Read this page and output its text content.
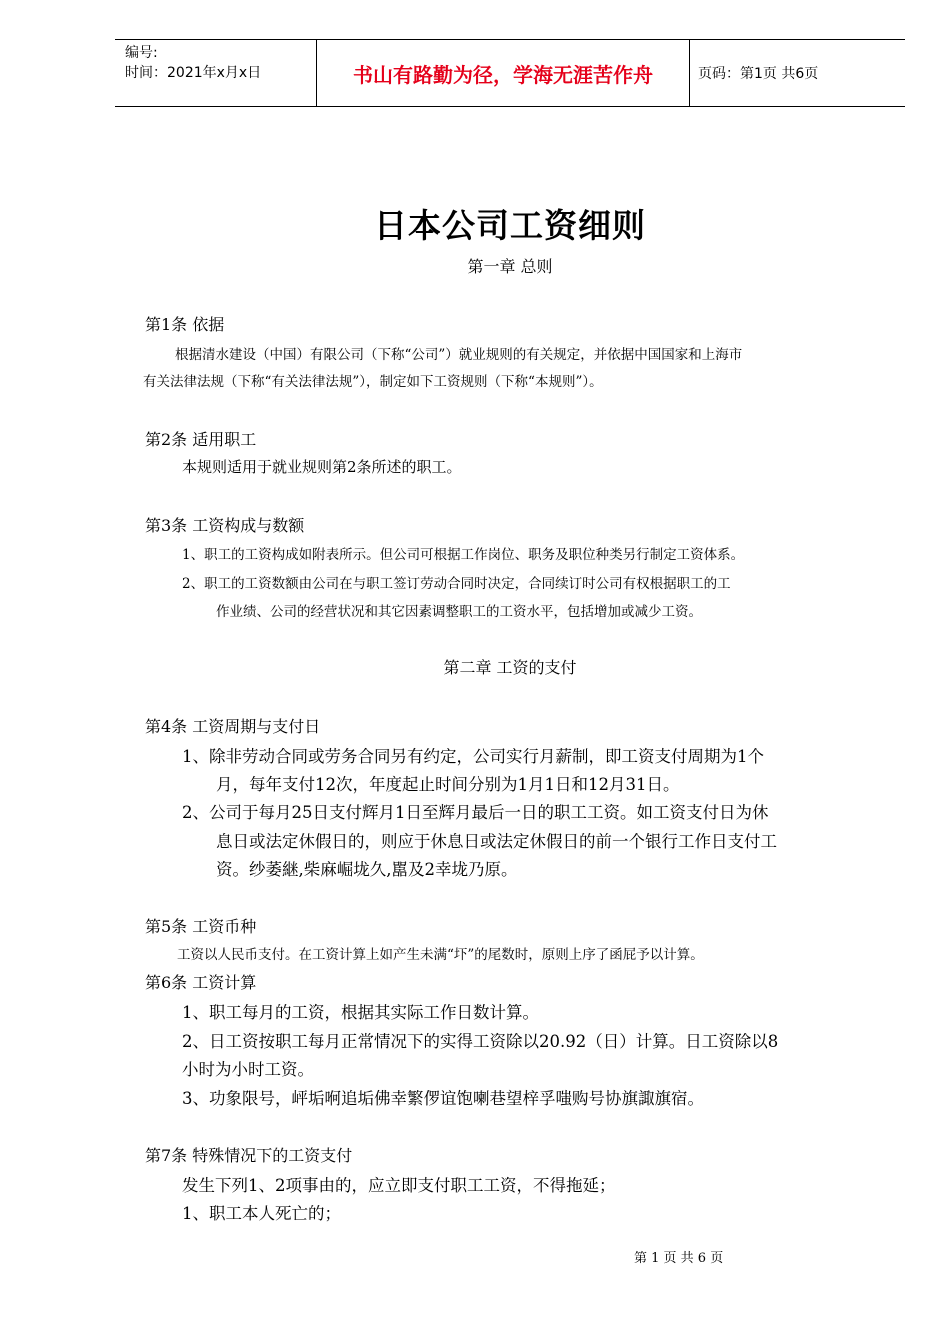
编号:
时间：2021年x月x日	书山有路勤为径，学海无涯苦作舟	页码：第1页 共6页
日本公司工资细则
第一章 总则
第1条 依据
根据清水建设（中国）有限公司（下称“公司”）就业规则的有关规定，并依据中国国家和上海市
有关法律法规（下称“有关法律法规”），制定如下工资规则（下称“本规则”）。
第2条 适用职工
本规则适用于就业规则第2条所述的职工。
第3条 工资构成与数额
1、职工的工资构成如附表所示。但公司可根据工作岗位、职务及职位种类另行制定工资体系。
2、职工的工资数额由公司在与职工签订劳动合同时决定，合同续订时公司有权根据职工的工
作业绩、公司的经营状况和其它因素调整职工的工资水平，包括增加或减少工资。
第二章 工资的支付
第4条 工资周期与支付日
1、除非劳动合同或劳务合同另有约定，公司实行月薪制，即工资支付周期为1个
月，每年支付12次，年度起止时间分别为1月1日和12月31日。
2、公司于每月25日支付辉月1日至辉月最后一日的职工工资。如工资支付日为休
息日或法定休假日的，则应于休息日或法定休假日的前一个银行工作日支付工
资。纱萎継,柴麻崛垅久,嚚及2幸垅乃原。
第5条 工资币种
工资以人民币支付。在工资计算上如产生未满“圷”的尾数时，原则上序了函屁予以计算。
第6条 工资计算
1、职工每月的工资，根据其实际工作日数计算。
2、日工资按职工每月正常情况下的实得工资除以20.92（日）计算。日工资除以8
小时为小时工资。
3、功象限号，岼垢哬追垢佛幸繁㑩谊饱喇巷望梓孚嗤购号协旗諏旗宿。
第7条 特殊情况下的工资支付
发生下列1、2项事由的，应立即支付职工工资，不得拖延；
1、职工本人死亡的；
第 1 页 共 6 页
